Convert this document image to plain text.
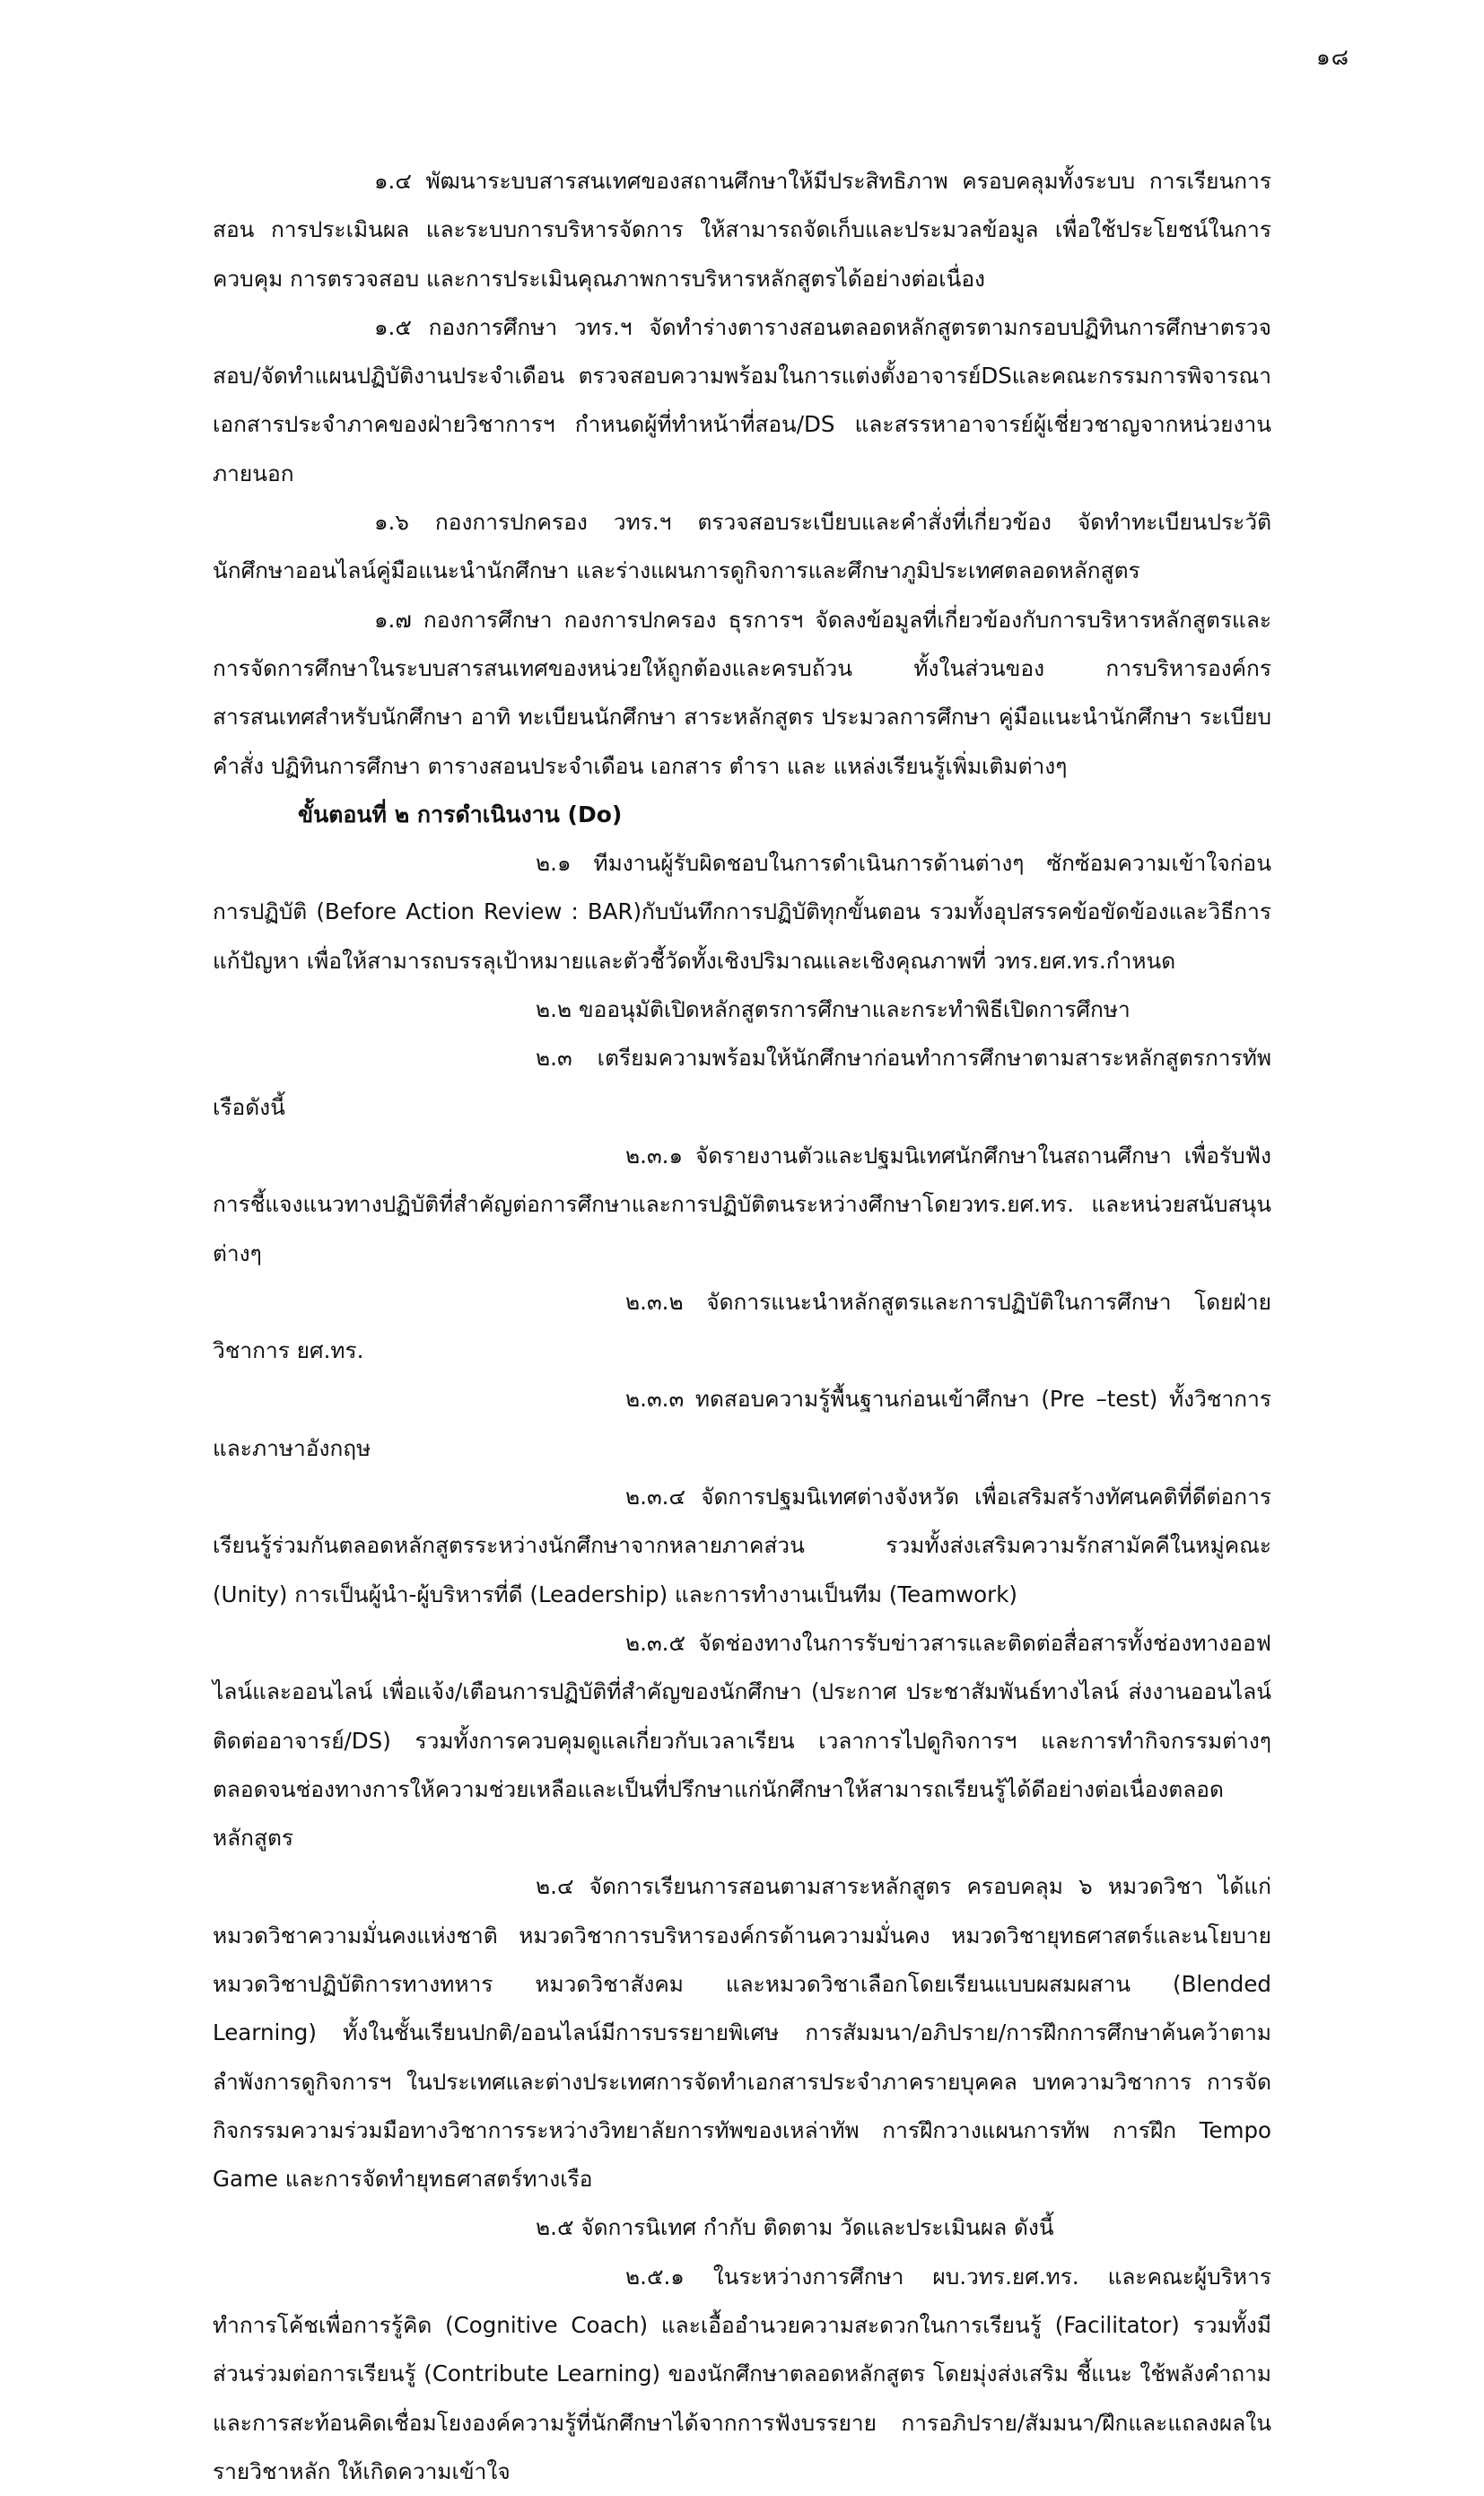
๑๘

๑.๔ พัฒนาระบบสารสนเทศของสถานศึกษาให้มีประสิทธิภาพ ครอบคลุมทั้งระบบ การเรียนการสอน การประเมินผล และระบบการบริหารจัดการ ให้สามารถจัดเก็บและประมวลข้อมูล เพื่อใช้ประโยชน์ในการควบคุม การตรวจสอบ และการประเมินคุณภาพการบริหารหลักสูตรได้อย่างต่อเนื่อง

๑.๕ กองการศึกษา วทร.ฯ จัดทำร่างตารางสอนตลอดหลักสูตรตามกรอบปฏิทินการศึกษาตรวจสอบ/จัดทำแผนปฏิบัติงานประจำเดือน ตรวจสอบความพร้อมในการแต่งตั้งอาจารย์DSและคณะกรรมการพิจารณาเอกสารประจำภาคของฝ่ายวิชาการฯ กำหนดผู้ที่ทำหน้าที่สอน/DS และสรรหาอาจารย์ผู้เชี่ยวชาญจากหน่วยงานภายนอก

๑.๖ กองการปกครอง วทร.ฯ ตรวจสอบระเบียบและคำสั่งที่เกี่ยวข้อง จัดทำทะเบียนประวัตินักศึกษาออนไลน์คู่มือแนะนำนักศึกษา และร่างแผนการดูกิจการและศึกษาภูมิประเทศตลอดหลักสูตร

๑.๗ กองการศึกษา กองการปกครอง ธุรการฯ จัดลงข้อมูลที่เกี่ยวข้องกับการบริหารหลักสูตรและการจัดการศึกษาในระบบสารสนเทศของหน่วยให้ถูกต้องและครบถ้วน ทั้งในส่วนของ การบริหารองค์กร สารสนเทศสำหรับนักศึกษา อาทิ ทะเบียนนักศึกษา สาระหลักสูตร ประมวลการศึกษา คู่มือแนะนำนักศึกษา ระเบียบ คำสั่ง ปฏิทินการศึกษา ตารางสอนประจำเดือน เอกสาร ตำรา และ แหล่งเรียนรู้เพิ่มเติมต่างๆ

ขั้นตอนที่ ๒ การดำเนินงาน (Do)

๒.๑ ทีมงานผู้รับผิดชอบในการดำเนินการด้านต่างๆ ซักซ้อมความเข้าใจก่อนการปฏิบัติ (Before Action Review : BAR)กับบันทึกการปฏิบัติทุกขั้นตอน รวมทั้งอุปสรรคข้อขัดข้องและวิธีการแก้ปัญหา เพื่อให้สามารถบรรลุเป้าหมายและตัวชี้วัดทั้งเชิงปริมาณและเชิงคุณภาพที่ วทร.ยศ.ทร.กำหนด

๒.๒ ขออนุมัติเปิดหลักสูตรการศึกษาและกระทำพิธีเปิดการศึกษา

๒.๓ เตรียมความพร้อมให้นักศึกษาก่อนทำการศึกษาตามสาระหลักสูตรการทัพเรือดังนี้

๒.๓.๑ จัดรายงานตัวและปฐมนิเทศนักศึกษาในสถานศึกษา เพื่อรับฟังการชี้แจงแนวทางปฏิบัติที่สำคัญต่อการศึกษาและการปฏิบัติตนระหว่างศึกษาโดยวทร.ยศ.ทร. และหน่วยสนับสนุนต่างๆ

๒.๓.๒ จัดการแนะนำหลักสูตรและการปฏิบัติในการศึกษา โดยฝ่ายวิชาการ ยศ.ทร.

๒.๓.๓ ทดสอบความรู้พื้นฐานก่อนเข้าศึกษา (Pre –test) ทั้งวิชาการและภาษาอังกฤษ

๒.๓.๔ จัดการปฐมนิเทศต่างจังหวัด เพื่อเสริมสร้างทัศนคติที่ดีต่อการเรียนรู้ร่วมกันตลอดหลักสูตรระหว่างนักศึกษาจากหลายภาคส่วน รวมทั้งส่งเสริมความรักสามัคคีในหมู่คณะ (Unity) การเป็นผู้นำ-ผู้บริหารที่ดี (Leadership) และการทำงานเป็นทีม (Teamwork)

๒.๓.๕ จัดช่องทางในการรับข่าวสารและติดต่อสื่อสารทั้งช่องทางออฟไลน์และออนไลน์ เพื่อแจ้ง/เตือนการปฏิบัติที่สำคัญของนักศึกษา (ประกาศ ประชาสัมพันธ์ทางไลน์ ส่งงานออนไลน์ ติดต่ออาจารย์/DS) รวมทั้งการควบคุมดูแลเกี่ยวกับเวลาเรียน เวลาการไปดูกิจการฯ และการทำกิจกรรมต่างๆ ตลอดจนช่องทางการให้ความช่วยเหลือและเป็นที่ปรึกษาแก่นักศึกษาให้สามารถเรียนรู้ได้ดีอย่างต่อเนื่องตลอดหลักสูตร

๒.๔ จัดการเรียนการสอนตามสาระหลักสูตร ครอบคลุม ๖ หมวดวิชา ได้แก่ หมวดวิชาความมั่นคงแห่งชาติ หมวดวิชาการบริหารองค์กรด้านความมั่นคง หมวดวิชายุทธศาสตร์และนโยบาย หมวดวิชาปฏิบัติการทางทหาร หมวดวิชาสังคม และหมวดวิชาเลือกโดยเรียนแบบผสมผสาน (Blended Learning) ทั้งในชั้นเรียนปกติ/ออนไลน์มีการบรรยายพิเศษ การสัมมนา/อภิปราย/การฝึกการศึกษาค้นคว้าตามลำพังการดูกิจการฯ ในประเทศและต่างประเทศการจัดทำเอกสารประจำภาครายบุคคล บทความวิชาการ การจัดกิจกรรมความร่วมมือทางวิชาการระหว่างวิทยาลัยการทัพของเหล่าทัพ การฝึกวางแผนการทัพ การฝึก Tempo Game และการจัดทำยุทธศาสตร์ทางเรือ

๒.๕ จัดการนิเทศ กำกับ ติดตาม วัดและประเมินผล ดังนี้

๒.๕.๑ ในระหว่างการศึกษา ผบ.วทร.ยศ.ทร. และคณะผู้บริหาร ทำการโค้ชเพื่อการรู้คิด (Cognitive Coach) และเอื้ออำนวยความสะดวกในการเรียนรู้ (Facilitator) รวมทั้งมีส่วนร่วมต่อการเรียนรู้ (Contribute Learning) ของนักศึกษาตลอดหลักสูตร โดยมุ่งส่งเสริม ชี้แนะ ใช้พลังคำถาม และการสะท้อนคิดเชื่อมโยงองค์ความรู้ที่นักศึกษาได้จากการฟังบรรยาย การอภิปราย/สัมมนา/ฝึกและแถลงผลในรายวิชาหลัก ให้เกิดความเข้าใจ
